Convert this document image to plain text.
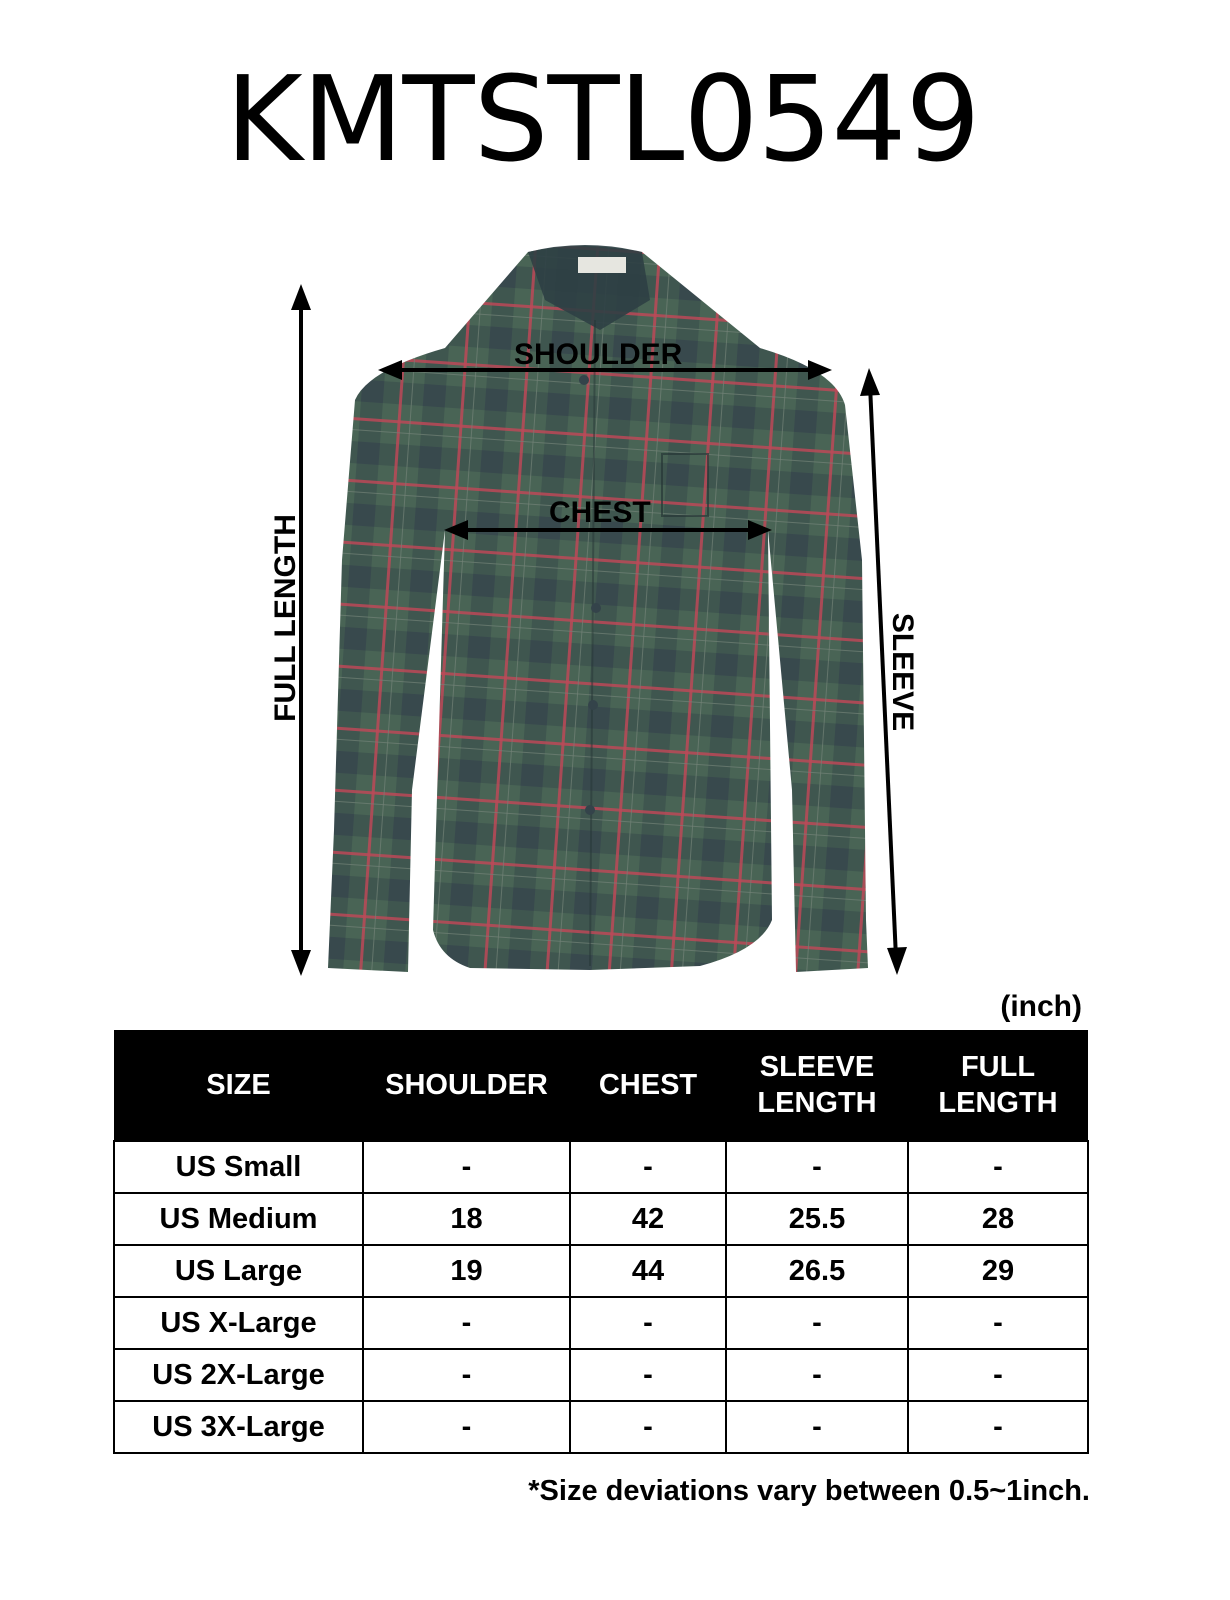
KMTSTL0549
SHOULDER
CHEST
FULL LENGTH	SLEEVE
(inch)
SIZE	SHOULDER	CHEST	SLEEVE LENGTH	FULL LENGTH
US Small	-	-	-	-
US Medium	18	42	25.5	28
US Large	19	44	26.5	29
US X-Large	-	-	-	-
US 2X-Large	-	-	-	-
US 3X-Large	-	-	-	-
*Size deviations vary between 0.5~1inch.
